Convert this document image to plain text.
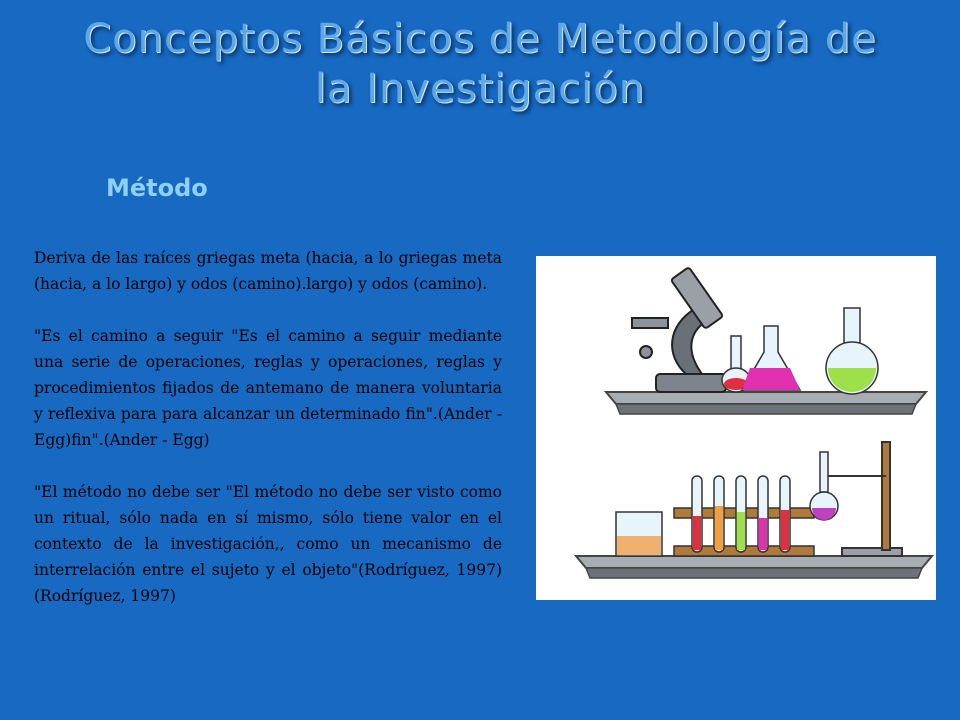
Conceptos Básicos de Metodología de
la Investigación
Método

Deriva de las raíces griegas meta (hacia, a lo griegas meta (hacia, a lo largo) y odos (camino).largo) y odos (camino).

"Es el camino a seguir "Es el camino a seguir mediante una serie de operaciones, reglas y operaciones, reglas y procedimientos fijados de antemano de manera voluntaria y reflexiva para para alcanzar un determinado fin".(Ander - Egg)fin".(Ander - Egg)

"El método no debe ser "El método no debe ser visto como un ritual, sólo nada en sí mismo, sólo tiene valor en el contexto de la investigación,, como un mecanismo de interrelación entre el sujeto y el objeto"(Rodríguez, 1997)(Rodríguez, 1997)
